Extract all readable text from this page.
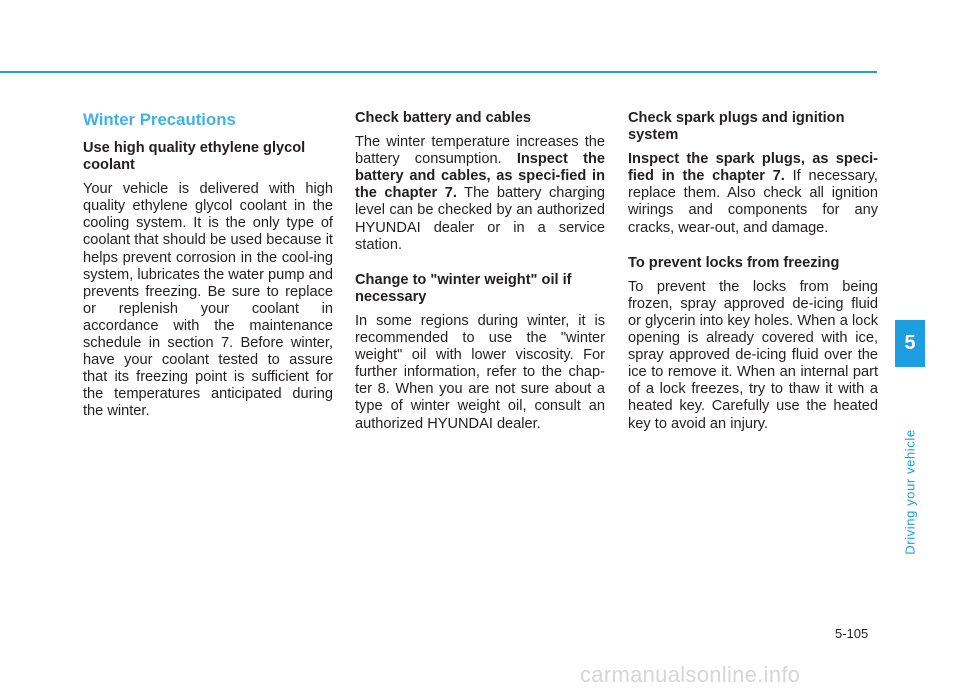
Winter Precautions
Use high quality ethylene glycol coolant

Your vehicle is delivered with high quality ethylene glycol coolant in the cooling system. It is the only type of coolant that should be used because it helps prevent corrosion in the cool-ing system, lubricates the water pump and prevents freezing. Be sure to replace or replenish your coolant in accordance with the maintenance schedule in section 7. Before winter, have your coolant tested to assure that its freezing point is sufficient for the temperatures anticipated during the winter.

Check battery and cables

The winter temperature increases the battery consumption. Inspect the battery and cables, as speci-fied in the chapter 7. The battery charging level can be checked by an authorized HYUNDAI dealer or in a service station.

Change to "winter weight" oil if necessary

In some regions during winter, it is recommended to use the "winter weight" oil with lower viscosity. For further information, refer to the chap-ter 8. When you are not sure about a type of winter weight oil, consult an authorized HYUNDAI dealer.

Check spark plugs and ignition system

Inspect the spark plugs, as speci-fied in the chapter 7. If necessary, replace them. Also check all ignition wirings and components for any cracks, wear-out, and damage.

To prevent locks from freezing

To prevent the locks from being frozen, spray approved de-icing fluid or glycerin into key holes. When a lock opening is already covered with ice, spray approved de-icing fluid over the ice to remove it. When an internal part of a lock freezes, try to thaw it with a heated key. Carefully use the heated key to avoid an injury.

5
Driving your vehicle
5-105
carmanualsonline.info
